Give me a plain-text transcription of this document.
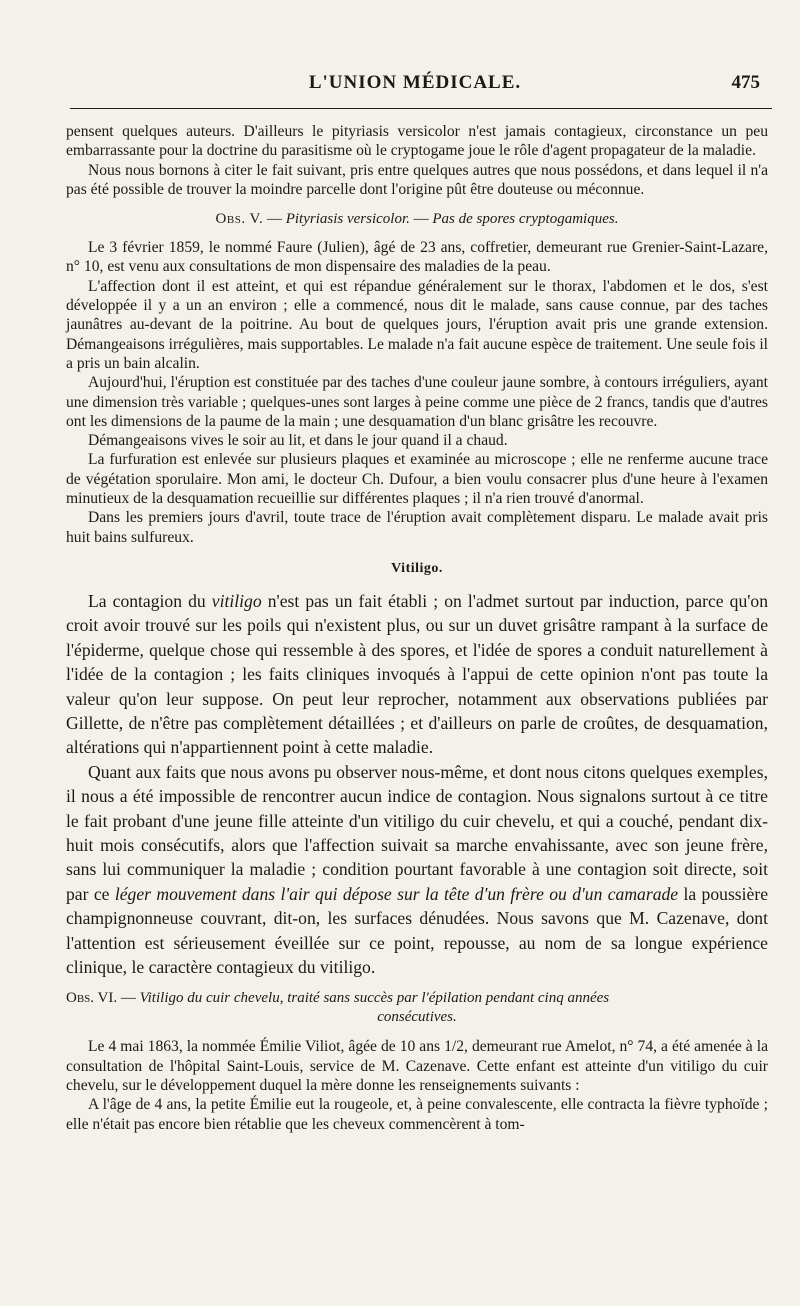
L'UNION MÉDICALE.	475

pensent quelques auteurs. D'ailleurs le pityriasis versicolor n'est jamais contagieux, circonstance un peu embarrassante pour la doctrine du parasitisme où le cryptogame joue le rôle d'agent propagateur de la maladie.

Nous nous bornons à citer le fait suivant, pris entre quelques autres que nous possédons, et dans lequel il n'a pas été possible de trouver la moindre parcelle dont l'origine pût être douteuse ou méconnue.

Obs. V. — Pityriasis versicolor. — Pas de spores cryptogamiques.

Le 3 février 1859, le nommé Faure (Julien), âgé de 23 ans, coffretier, demeurant rue Grenier-Saint-Lazare, n° 10, est venu aux consultations de mon dispensaire des maladies de la peau.

L'affection dont il est atteint, et qui est répandue généralement sur le thorax, l'abdomen et le dos, s'est développée il y a un an environ ; elle a commencé, nous dit le malade, sans cause connue, par des taches jaunâtres au-devant de la poitrine. Au bout de quelques jours, l'éruption avait pris une grande extension. Démangeaisons irrégulières, mais supportables. Le malade n'a fait aucune espèce de traitement. Une seule fois il a pris un bain alcalin.

Aujourd'hui, l'éruption est constituée par des taches d'une couleur jaune sombre, à contours irréguliers, ayant une dimension très variable ; quelques-unes sont larges à peine comme une pièce de 2 francs, tandis que d'autres ont les dimensions de la paume de la main ; une desquamation d'un blanc grisâtre les recouvre.

Démangeaisons vives le soir au lit, et dans le jour quand il a chaud.

La furfuration est enlevée sur plusieurs plaques et examinée au microscope ; elle ne renferme aucune trace de végétation sporulaire. Mon ami, le docteur Ch. Dufour, a bien voulu consacrer plus d'une heure à l'examen minutieux de la desquamation recueillie sur différentes plaques ; il n'a rien trouvé d'anormal.

Dans les premiers jours d'avril, toute trace de l'éruption avait complètement disparu. Le malade avait pris huit bains sulfureux.

Vitiligo.

La contagion du vitiligo n'est pas un fait établi ; on l'admet surtout par induction, parce qu'on croit avoir trouvé sur les poils qui n'existent plus, ou sur un duvet grisâtre rampant à la surface de l'épiderme, quelque chose qui ressemble à des spores, et l'idée de spores a conduit naturellement à l'idée de la contagion ; les faits cliniques invoqués à l'appui de cette opinion n'ont pas toute la valeur qu'on leur suppose. On peut leur reprocher, notamment aux observations publiées par Gillette, de n'être pas complètement détaillées ; et d'ailleurs on parle de croûtes, de desquamation, altérations qui n'appartiennent point à cette maladie.

Quant aux faits que nous avons pu observer nous-même, et dont nous citons quelques exemples, il nous a été impossible de rencontrer aucun indice de contagion. Nous signalons surtout à ce titre le fait probant d'une jeune fille atteinte d'un vitiligo du cuir chevelu, et qui a couché, pendant dix-huit mois consécutifs, alors que l'affection suivait sa marche envahissante, avec son jeune frère, sans lui communiquer la maladie ; condition pourtant favorable à une contagion soit directe, soit par ce léger mouvement dans l'air qui dépose sur la tête d'un frère ou d'un camarade la poussière champignonneuse couvrant, dit-on, les surfaces dénudées. Nous savons que M. Cazenave, dont l'attention est sérieusement éveillée sur ce point, repousse, au nom de sa longue expérience clinique, le caractère contagieux du vitiligo.

Obs. VI. — Vitiligo du cuir chevelu, traité sans succès par l'épilation pendant cinq années
consécutives.

Le 4 mai 1863, la nommée Émilie Viliot, âgée de 10 ans 1/2, demeurant rue Amelot, n° 74, a été amenée à la consultation de l'hôpital Saint-Louis, service de M. Cazenave. Cette enfant est atteinte d'un vitiligo du cuir chevelu, sur le développement duquel la mère donne les renseignements suivants :

A l'âge de 4 ans, la petite Émilie eut la rougeole, et, à peine convalescente, elle contracta la fièvre typhoïde ; elle n'était pas encore bien rétablie que les cheveux commencèrent à tom-
